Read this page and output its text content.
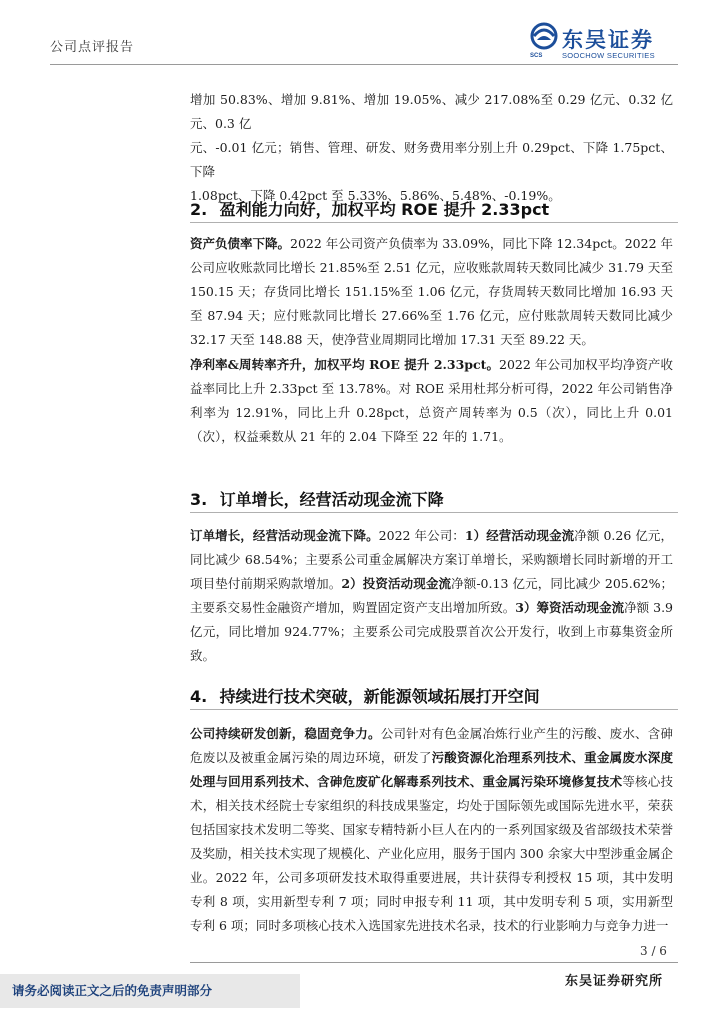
公司点评报告
SCS
东吴证券
SOOCHOW SECURITIES

增加 50.83%、增加 9.81%、增加 19.05%、减少 217.08%至 0.29 亿元、0.32 亿元、0.3 亿
元、-0.01 亿元；销售、管理、研发、财务费用率分别上升 0.29pct、下降 1.75pct、下降
1.08pct、下降 0.42pct 至 5.33%、5.86%、5.48%、-0.19%。

2. 盈利能力向好，加权平均 ROE 提升 2.33pct

资产负债率下降。2022 年公司资产负债率为 33.09%，同比下降 12.34pct。2022 年公司应收账款同比增长 21.85%至 2.51 亿元，应收账款周转天数同比减少 31.79 天至 150.15 天；存货同比增长 151.15%至 1.06 亿元，存货周转天数同比增加 16.93 天至 87.94 天；应付账款同比增长 27.66%至 1.76 亿元，应付账款周转天数同比减少 32.17 天至 148.88 天，使净营业周期同比增加 17.31 天至 89.22 天。

净利率&周转率齐升，加权平均 ROE 提升 2.33pct。2022 年公司加权平均净资产收益率同比上升 2.33pct 至 13.78%。对 ROE 采用杜邦分析可得，2022 年公司销售净利率为 12.91%，同比上升 0.28pct，总资产周转率为 0.5（次），同比上升 0.01（次），权益乘数从 21 年的 2.04 下降至 22 年的 1.71。

3. 订单增长，经营活动现金流下降

订单增长，经营活动现金流下降。2022 年公司：1）经营活动现金流净额 0.26 亿元，同比减少 68.54%；主要系公司重金属解决方案订单增长，采购额增长同时新增的开工项目垫付前期采购款增加。2）投资活动现金流净额-0.13 亿元，同比减少 205.62%；主要系交易性金融资产增加，购置固定资产支出增加所致。3）筹资活动现金流净额 3.9 亿元，同比增加 924.77%；主要系公司完成股票首次公开发行，收到上市募集资金所致。

4. 持续进行技术突破，新能源领域拓展打开空间

公司持续研发创新，稳固竞争力。公司针对有色金属冶炼行业产生的污酸、废水、含砷危废以及被重金属污染的周边环境，研发了污酸资源化治理系列技术、重金属废水深度处理与回用系列技术、含砷危废矿化解毒系列技术、重金属污染环境修复技术等核心技术，相关技术经院士专家组织的科技成果鉴定，均处于国际领先或国际先进水平，荣获包括国家技术发明二等奖、国家专精特新小巨人在内的一系列国家级及省部级技术荣誉及奖励，相关技术实现了规模化、产业化应用，服务于国内 300 余家大中型涉重金属企业。2022 年，公司多项研发技术取得重要进展，共计获得专利授权 15 项，其中发明专利 8 项，实用新型专利 7 项；同时申报专利 11 项，其中发明专利 5 项，实用新型专利 6 项；同时多项核心技术入选国家先进技术名录，技术的行业影响力与竞争力进一

3 / 6
东吴证券研究所
请务必阅读正文之后的免责声明部分
